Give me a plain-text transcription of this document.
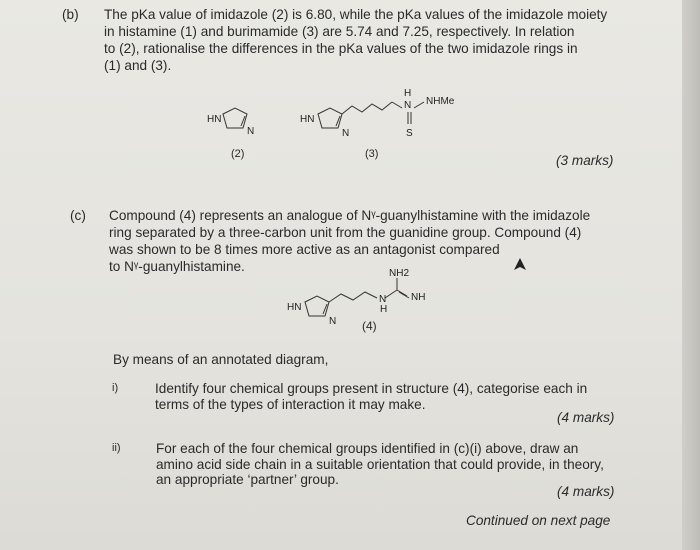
(b) The pKa value of imidazole (2) is 6.80, while the pKa values of the imidazole moiety
in histamine (1) and burimamide (3) are 5.74 and 7.25, respectively. In relation
to (2), rationalise the differences in the pKa values of the two imidazole rings in
(1) and (3).
HN
N
(2)
HN
N
H
N NHMe
S
(3)	(3 marks)
(c) Compound (4) represents an analogue of Nᵞ-guanylhistamine with the imidazole
ring separated by a three-carbon unit from the guanidine group. Compound (4)
was shown to be 8 times more active as an antagonist compared
to Nᵞ-guanylhistamine.
HN
N
N
H
NH2
NH
(4)
By means of an annotated diagram,
i)	Identify four chemical groups present in structure (4), categorise each in
terms of the types of interaction it may make.
(4 marks)
ii)	For each of the four chemical groups identified in (c)(i) above, draw an
amino acid side chain in a suitable orientation that could provide, in theory,
an appropriate ‘partner’ group.
(4 marks)
Continued on next page
